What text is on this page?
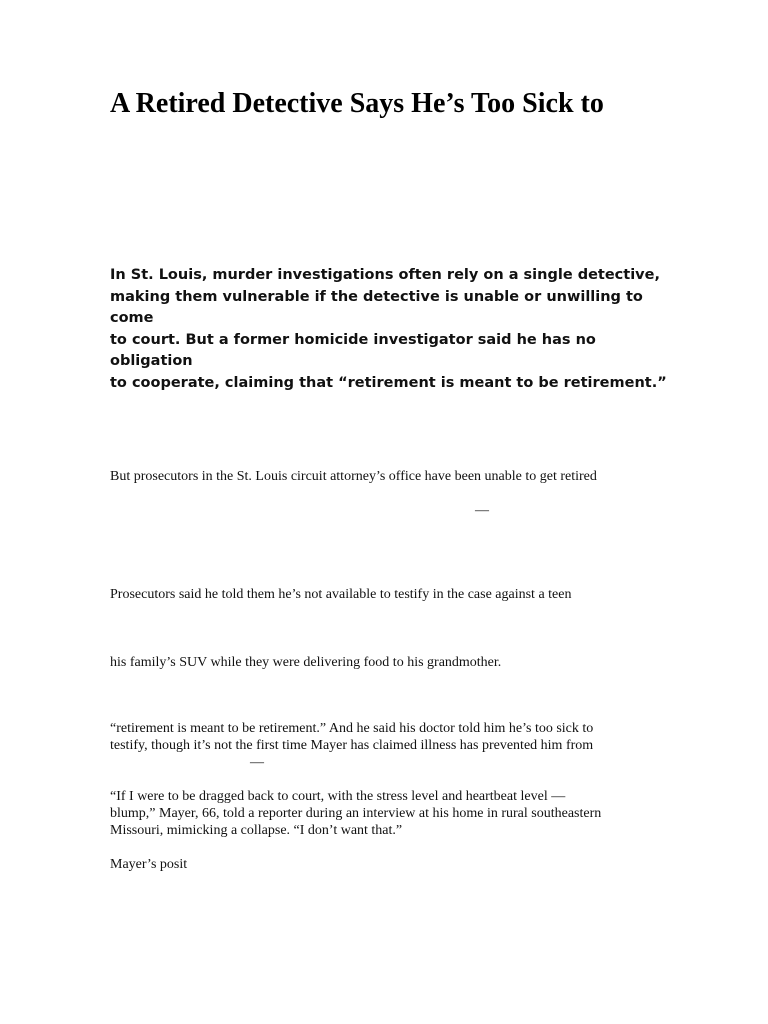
A Retired Detective Says He’s Too Sick to
In St. Louis, murder investigations often rely on a single detective,
making them vulnerable if the detective is unable or unwilling to come
to court. But a former homicide investigator said he has no obligation
to cooperate, claiming that “retirement is meant to be retirement.”
But prosecutors in the St. Louis circuit attorney’s office have been unable to get retired
—
Prosecutors said he told them he’s not available to testify in the case against a teen
his family’s SUV while they were delivering food to his grandmother.
“retirement is meant to be retirement.” And he said his doctor told him he’s too sick to
testify, though it’s not the first time Mayer has claimed illness has prevented him from
—
“If I were to be dragged back to court, with the stress level and heartbeat level —
blump,” Mayer, 66, told a reporter during an interview at his home in rural southeastern
Missouri, mimicking a collapse. “I don’t want that.”
Mayer’s posit
